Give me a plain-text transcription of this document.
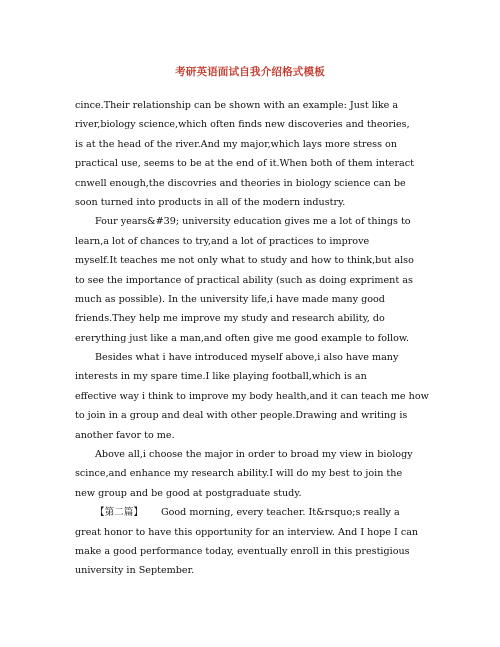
考研英语面试自我介绍格式模板
cince.Their relationship can be shown with an example: Just like a
river,biology science,which often finds new discoveries and theories,
is at the head of the river.And my major,which lays more stress on
practical use, seems to be at the end of it.When both of them interact
cnwell enough,the discovries and theories in biology science can be
soon turned into products in all of the modern industry.
Four years&#39; university education gives me a lot of things to
learn,a lot of chances to try,and a lot of practices to improve
myself.It teaches me not only what to study and how to think,but also
to see the importance of practical ability (such as doing expriment as
much as possible). In the university life,i have made many good
friends.They help me improve my study and research ability, do
ererything just like a man,and often give me good example to follow.
Besides what i have introduced myself above,i also have many
interests in my spare time.I like playing football,which is an
effective way i think to improve my body health,and it can teach me how
to join in a group and deal with other people.Drawing and writing is
another favor to me.
Above all,i choose the major in order to broad my view in biology
scince,and enhance my research ability.I will do my best to join the
new group and be good at postgraduate study.
【第二篇】 Good morning, every teacher. It&rsquo;s really a
great honor to have this opportunity for an interview. And I hope I can
make a good performance today, eventually enroll in this prestigious
university in September.
